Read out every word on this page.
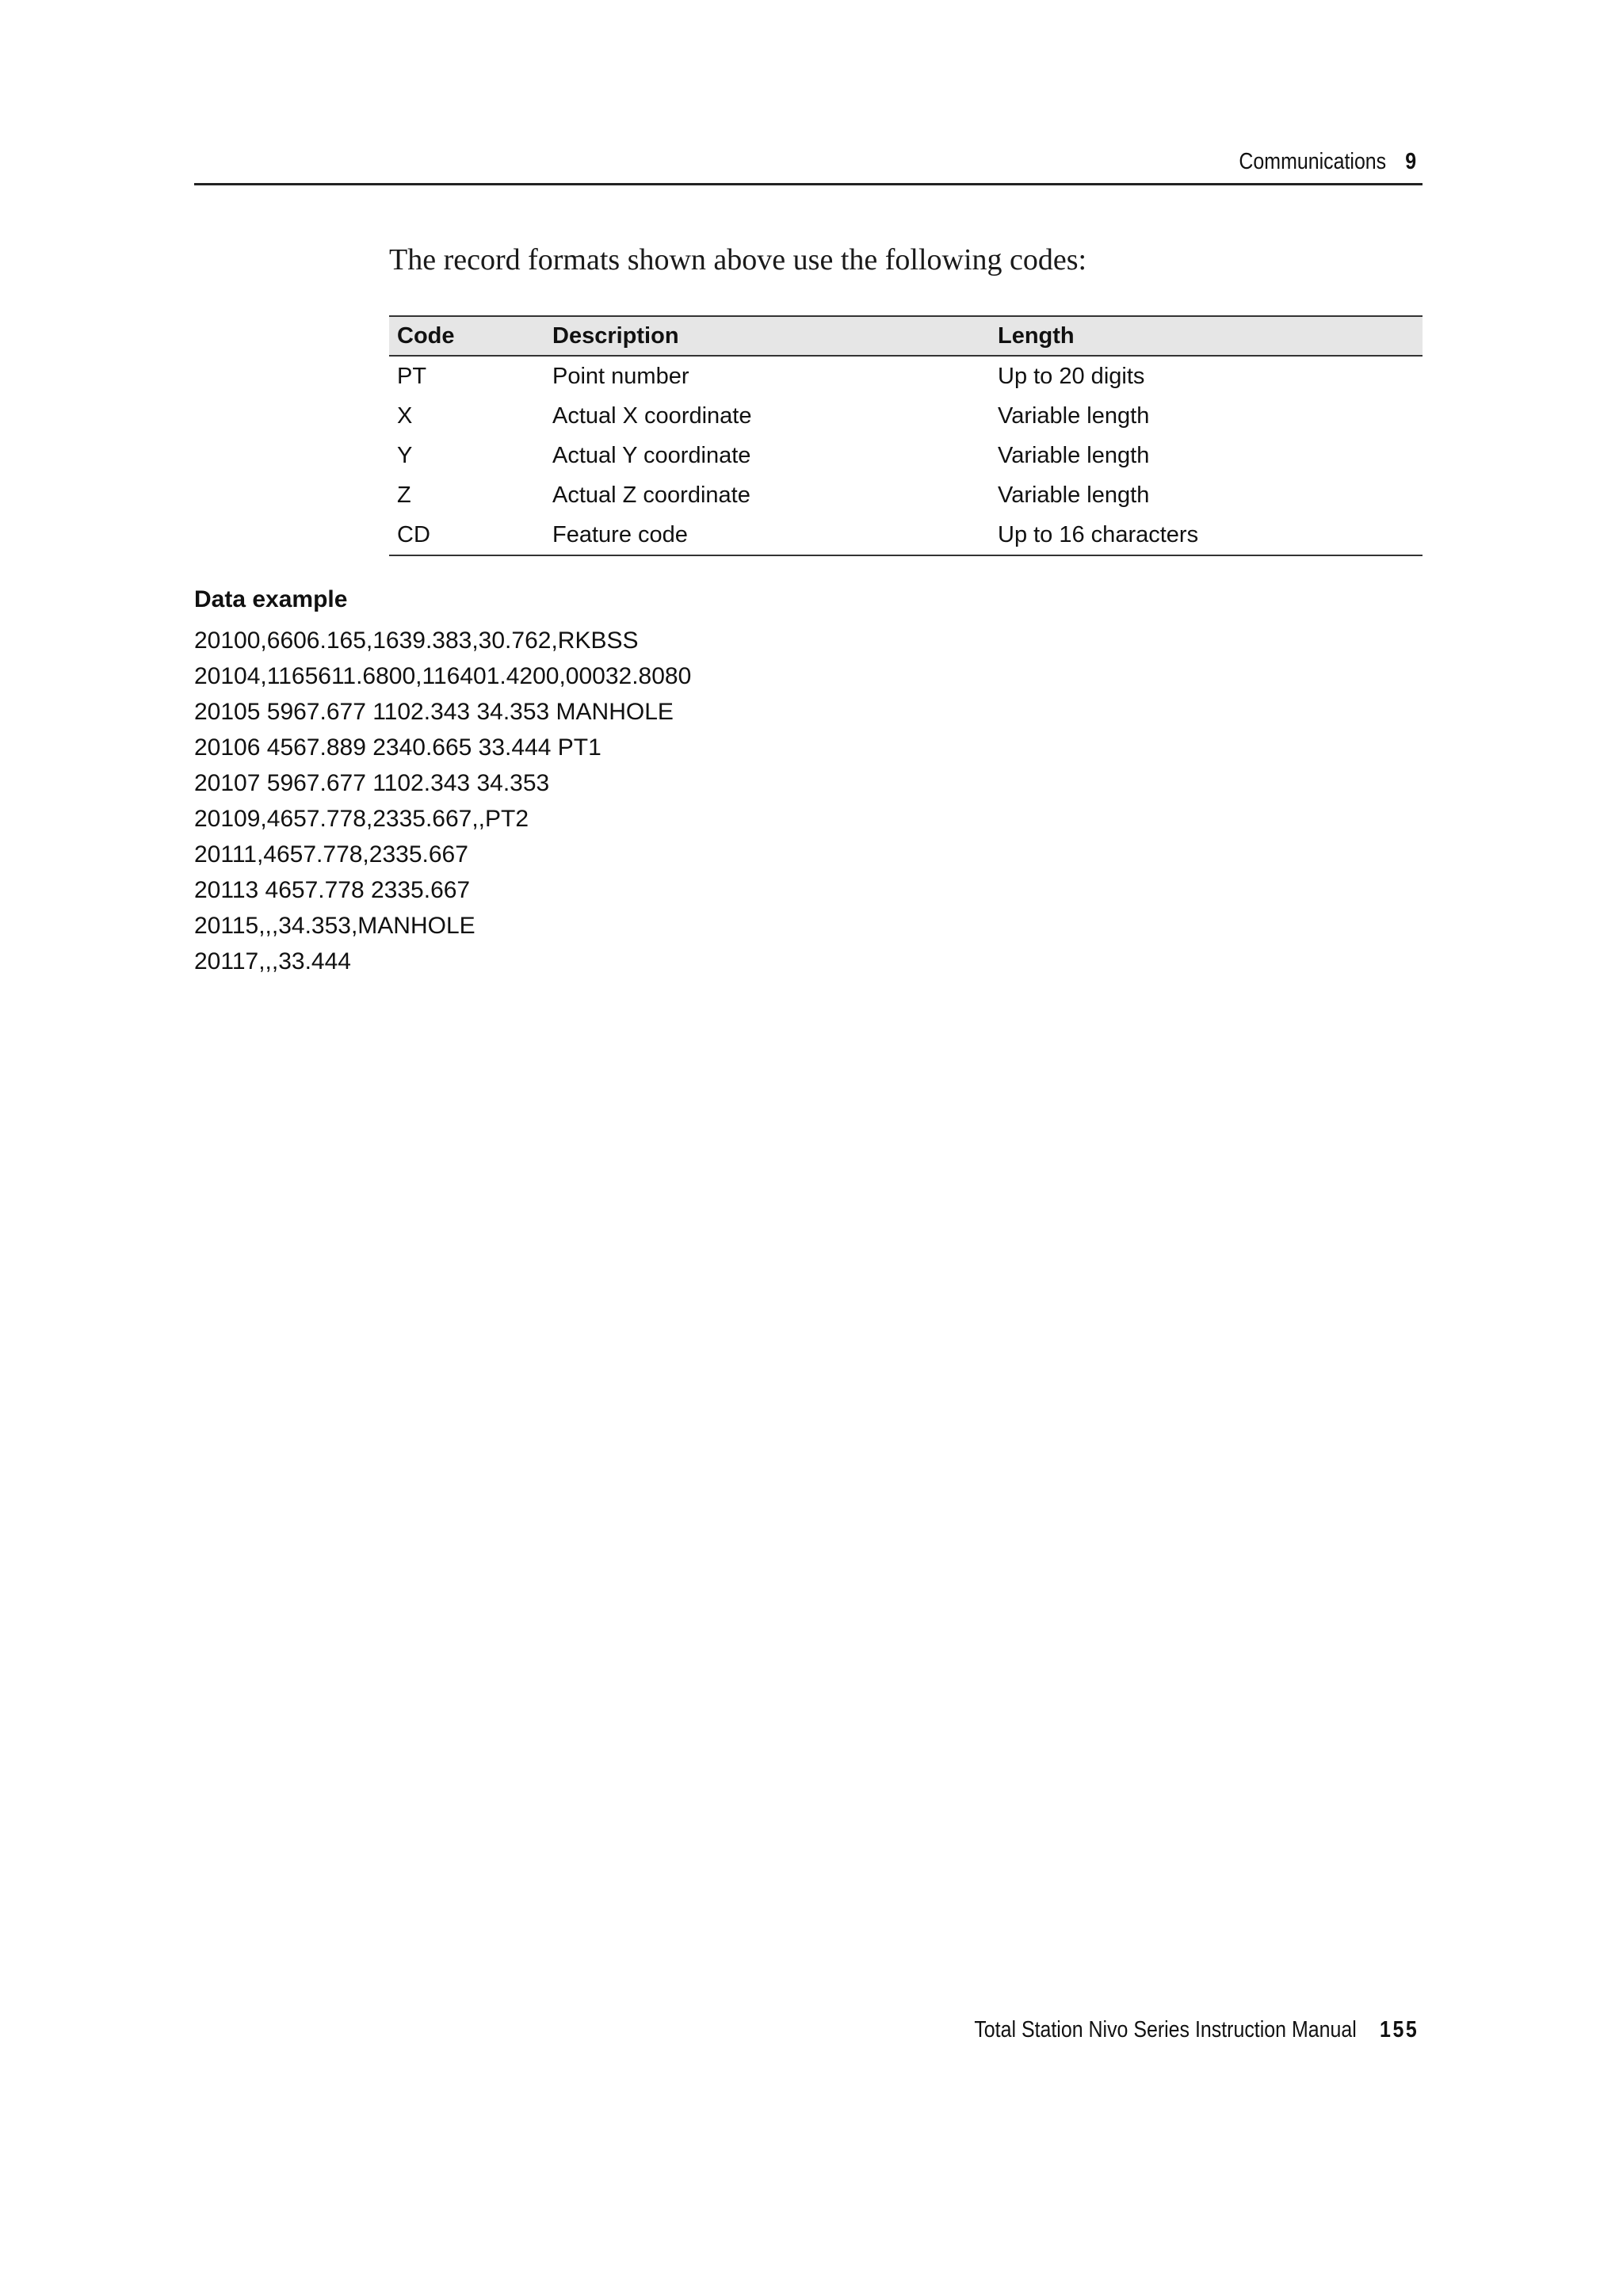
Communications 9

The record formats shown above use the following codes:

Code	Description	Length
PT	Point number	Up to 20 digits
X	Actual X coordinate	Variable length
Y	Actual Y coordinate	Variable length
Z	Actual Z coordinate	Variable length
CD	Feature code	Up to 16 characters
Data example
20100,6606.165,1639.383,30.762,RKBSS
20104,1165611.6800,116401.4200,00032.8080
20105 5967.677 1102.343 34.353 MANHOLE
20106 4567.889 2340.665 33.444 PT1
20107 5967.677 1102.343 34.353
20109,4657.778,2335.667,,PT2
20111,4657.778,2335.667
20113 4657.778 2335.667
20115,,,34.353,MANHOLE
20117,,,33.444
Total Station Nivo Series Instruction Manual 155
